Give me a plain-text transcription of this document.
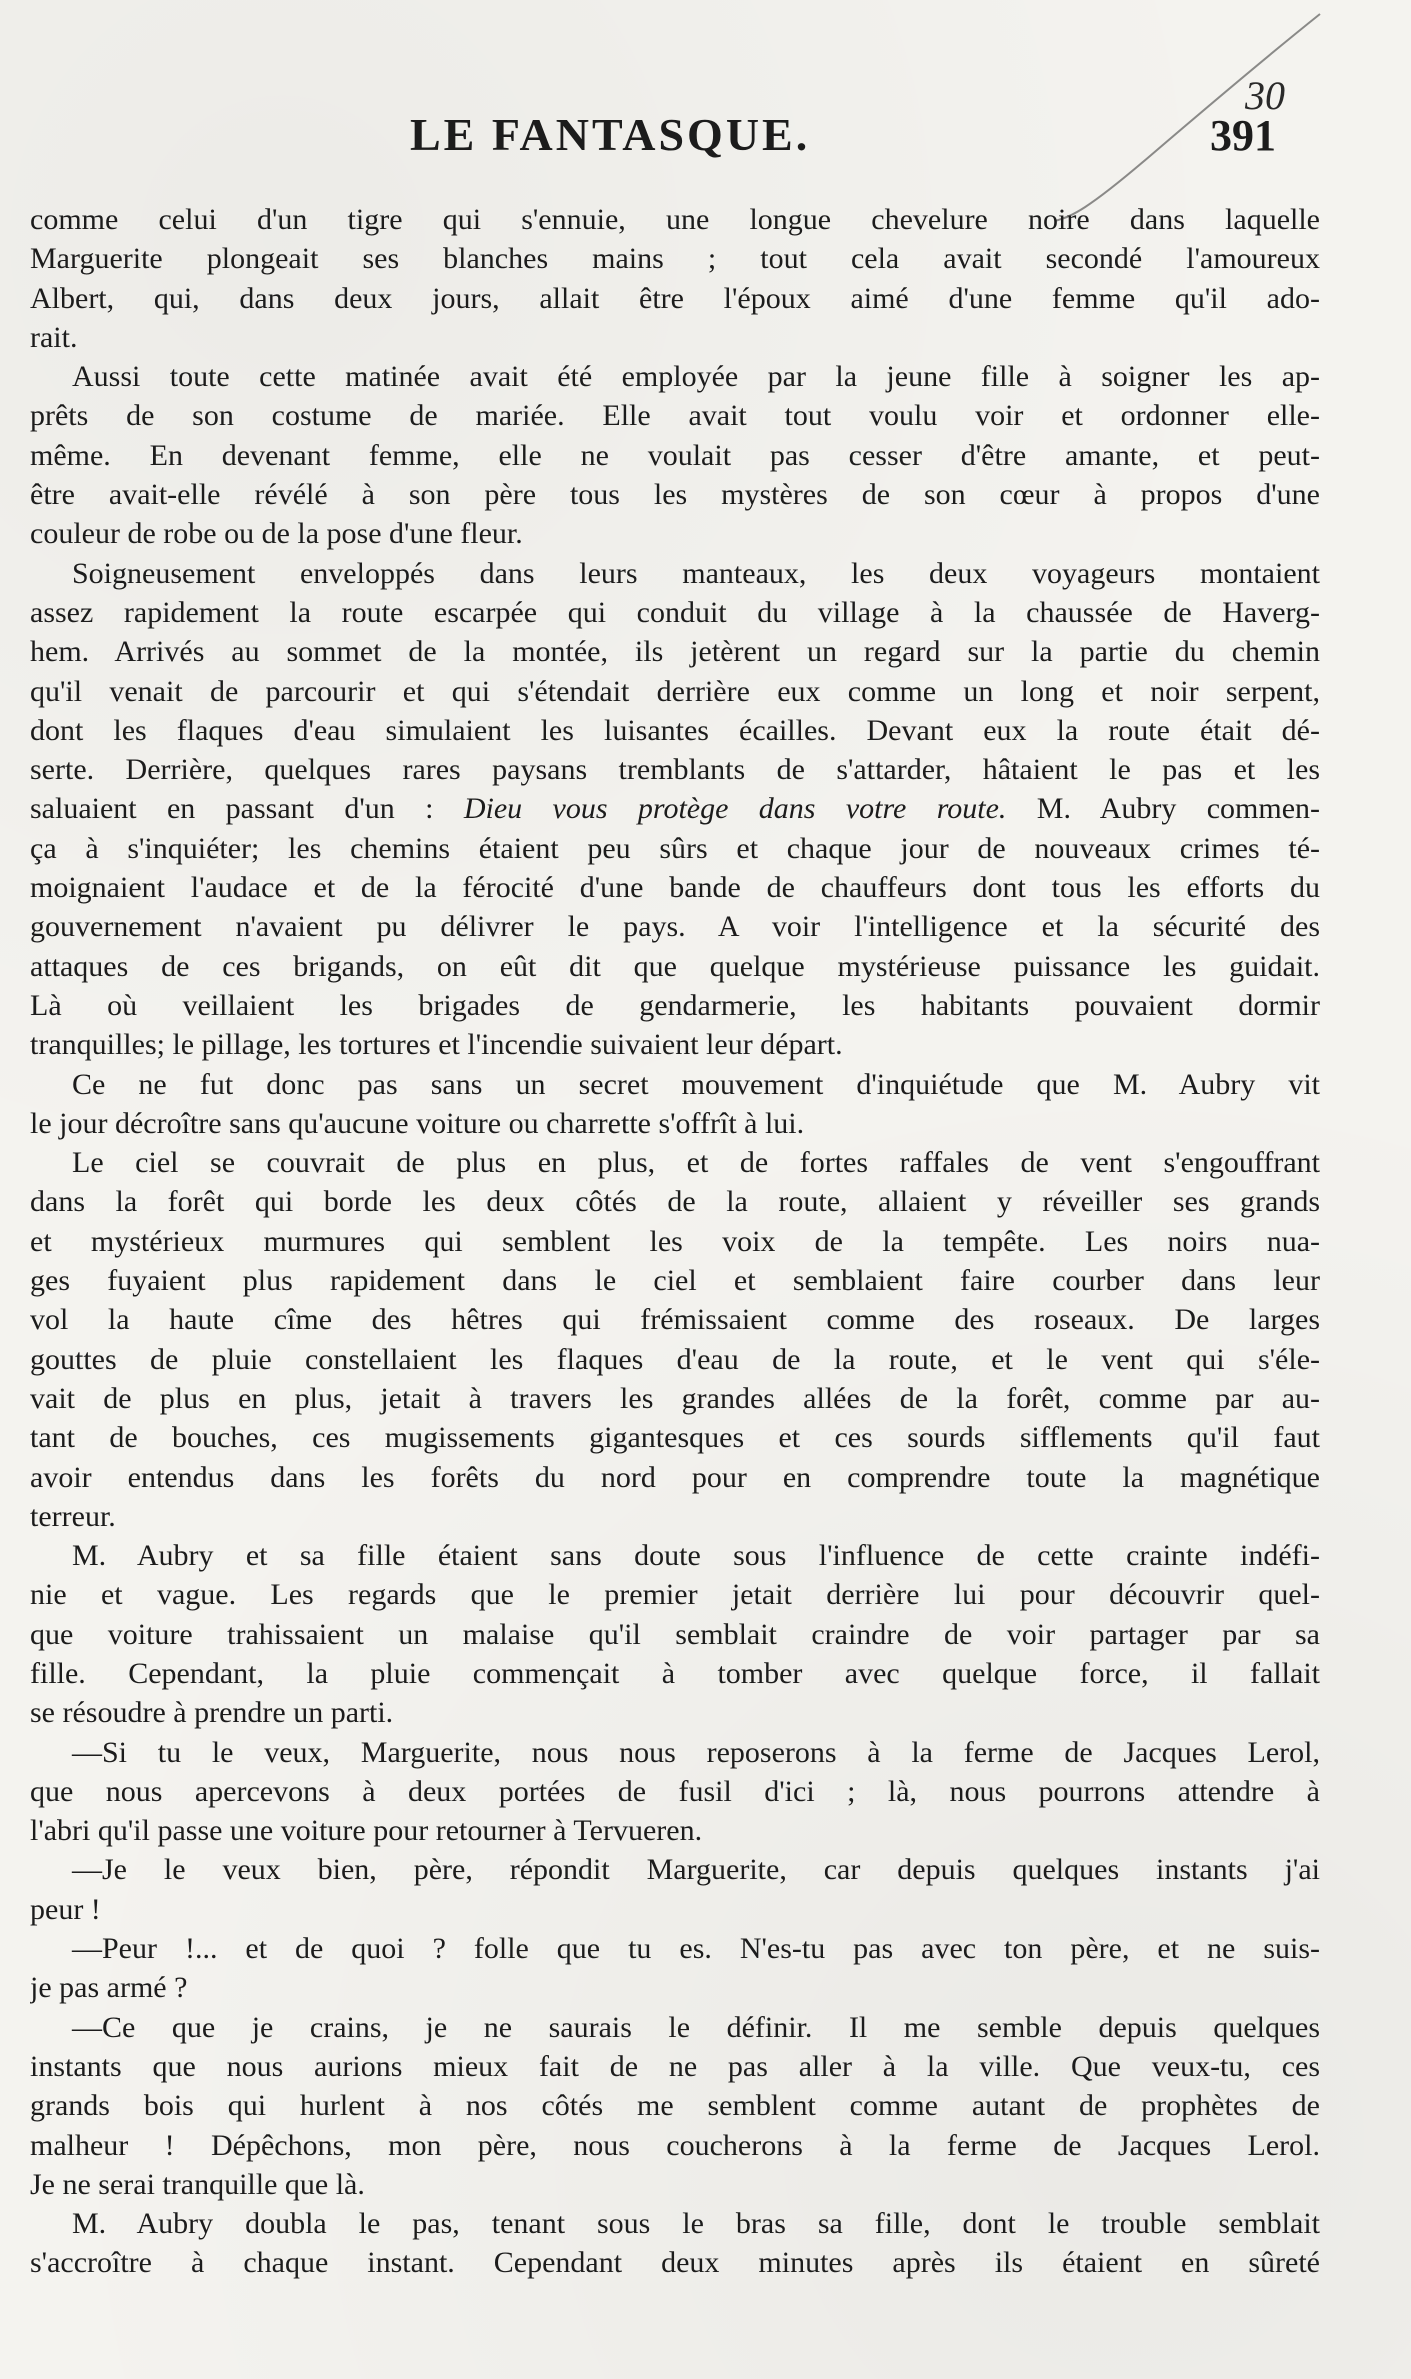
LE FANTASQUE.	391
30
comme celui d'un tigre qui s'ennuie, une longue chevelure noire dans laquelle
Marguerite plongeait ses blanches mains ; tout cela avait secondé l'amoureux
Albert, qui, dans deux jours, allait être l'époux aimé d'une femme qu'il ado-
rait.
Aussi toute cette matinée avait été employée par la jeune fille à soigner les ap-
prêts de son costume de mariée. Elle avait tout voulu voir et ordonner elle-
même. En devenant femme, elle ne voulait pas cesser d'être amante, et peut-
être avait-elle révélé à son père tous les mystères de son cœur à propos d'une
couleur de robe ou de la pose d'une fleur.
Soigneusement enveloppés dans leurs manteaux, les deux voyageurs montaient
assez rapidement la route escarpée qui conduit du village à la chaussée de Haverg-
hem. Arrivés au sommet de la montée, ils jetèrent un regard sur la partie du chemin
qu'il venait de parcourir et qui s'étendait derrière eux comme un long et noir serpent,
dont les flaques d'eau simulaient les luisantes écailles. Devant eux la route était dé-
serte. Derrière, quelques rares paysans tremblants de s'attarder, hâtaient le pas et les
saluaient en passant d'un : Dieu vous protège dans votre route. M. Aubry commen-
ça à s'inquiéter; les chemins étaient peu sûrs et chaque jour de nouveaux crimes té-
moignaient l'audace et de la férocité d'une bande de chauffeurs dont tous les efforts du
gouvernement n'avaient pu délivrer le pays. A voir l'intelligence et la sécurité des
attaques de ces brigands, on eût dit que quelque mystérieuse puissance les guidait.
Là où veillaient les brigades de gendarmerie, les habitants pouvaient dormir
tranquilles; le pillage, les tortures et l'incendie suivaient leur départ.
Ce ne fut donc pas sans un secret mouvement d'inquiétude que M. Aubry vit
le jour décroître sans qu'aucune voiture ou charrette s'offrît à lui.
Le ciel se couvrait de plus en plus, et de fortes raffales de vent s'engouffrant
dans la forêt qui borde les deux côtés de la route, allaient y réveiller ses grands
et mystérieux murmures qui semblent les voix de la tempête. Les noirs nua-
ges fuyaient plus rapidement dans le ciel et semblaient faire courber dans leur
vol la haute cîme des hêtres qui frémissaient comme des roseaux. De larges
gouttes de pluie constellaient les flaques d'eau de la route, et le vent qui s'éle-
vait de plus en plus, jetait à travers les grandes allées de la forêt, comme par au-
tant de bouches, ces mugissements gigantesques et ces sourds sifflements qu'il faut
avoir entendus dans les forêts du nord pour en comprendre toute la magnétique
terreur.
M. Aubry et sa fille étaient sans doute sous l'influence de cette crainte indéfi-
nie et vague. Les regards que le premier jetait derrière lui pour découvrir quel-
que voiture trahissaient un malaise qu'il semblait craindre de voir partager par sa
fille. Cependant, la pluie commençait à tomber avec quelque force, il fallait
se résoudre à prendre un parti.
—Si tu le veux, Marguerite, nous nous reposerons à la ferme de Jacques Lerol,
que nous apercevons à deux portées de fusil d'ici ; là, nous pourrons attendre à
l'abri qu'il passe une voiture pour retourner à Tervueren.
—Je le veux bien, père, répondit Marguerite, car depuis quelques instants j'ai
peur !
—Peur !... et de quoi ? folle que tu es. N'es-tu pas avec ton père, et ne suis-
je pas armé ?
—Ce que je crains, je ne saurais le définir. Il me semble depuis quelques
instants que nous aurions mieux fait de ne pas aller à la ville. Que veux-tu, ces
grands bois qui hurlent à nos côtés me semblent comme autant de prophètes de
malheur ! Dépêchons, mon père, nous coucherons à la ferme de Jacques Lerol.
Je ne serai tranquille que là.
M. Aubry doubla le pas, tenant sous le bras sa fille, dont le trouble semblait
s'accroître à chaque instant. Cependant deux minutes après ils étaient en sûreté
